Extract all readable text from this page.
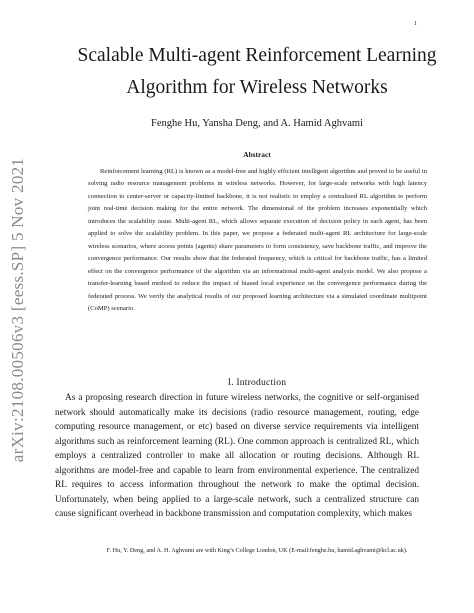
1
arXiv:2108.00506v3 [eess.SP] 5 Nov 2021
Scalable Multi-agent Reinforcement Learning Algorithm for Wireless Networks
Fenghe Hu, Yansha Deng, and A. Hamid Aghvami
Abstract

Reinforcement learning (RL) is known as a model-free and highly efficient intelligent algorithm and proved to be useful in solving radio resource management problems in wireless networks. However, for large-scale networks with high latency connection to center-server or capacity-limited backbone, it is not realistic to employ a centralized RL algorithm to perform joint real-time decision making for the entire network. The dimensional of the problem increases exponentially which introduces the scalability issue. Multi-agent RL, which allows separate execution of decision policy in each agent, has been applied to solve the scalability problem. In this paper, we propose a federated multi-agent RL architecture for large-scale wireless scenarios, where access points (agents) share parameters to form consistency, save backbone traffic, and improve the convergence performance. Our results show that the federated frequency, which is critical for backbone traffic, has a limited effect on the convergence performance of the algorithm via an informational multi-agent analysis model. We also propose a transfer-learning based method to reduce the impact of biased local experience on the convergence performance during the federated process. We verify the analytical results of our proposed learning architecture via a simulated coordinate multipoint (CoMP) scenario.

I. Introduction

As a proposing research direction in future wireless networks, the cognitive or self-organised network should automatically make its decisions (radio resource management, routing, edge computing resource management, or etc) based on diverse service requirements via intelligent algorithms such as reinforcement learning (RL). One common approach is centralized RL, which employs a centralized controller to make all allocation or routing decisions. Although RL algorithms are model-free and capable to learn from environmental experience. The centralized RL requires to access information throughout the network to make the optimal decision. Unfortunately, when being applied to a large-scale network, such a centralized structure can cause significant overhead in backbone transmission and computation complexity, which makes

F. Hu, Y. Deng, and A. H. Aghvami are with King’s College London, UK (E-mail:fenghe.hu, hamid.aghvami@kcl.ac.uk).
